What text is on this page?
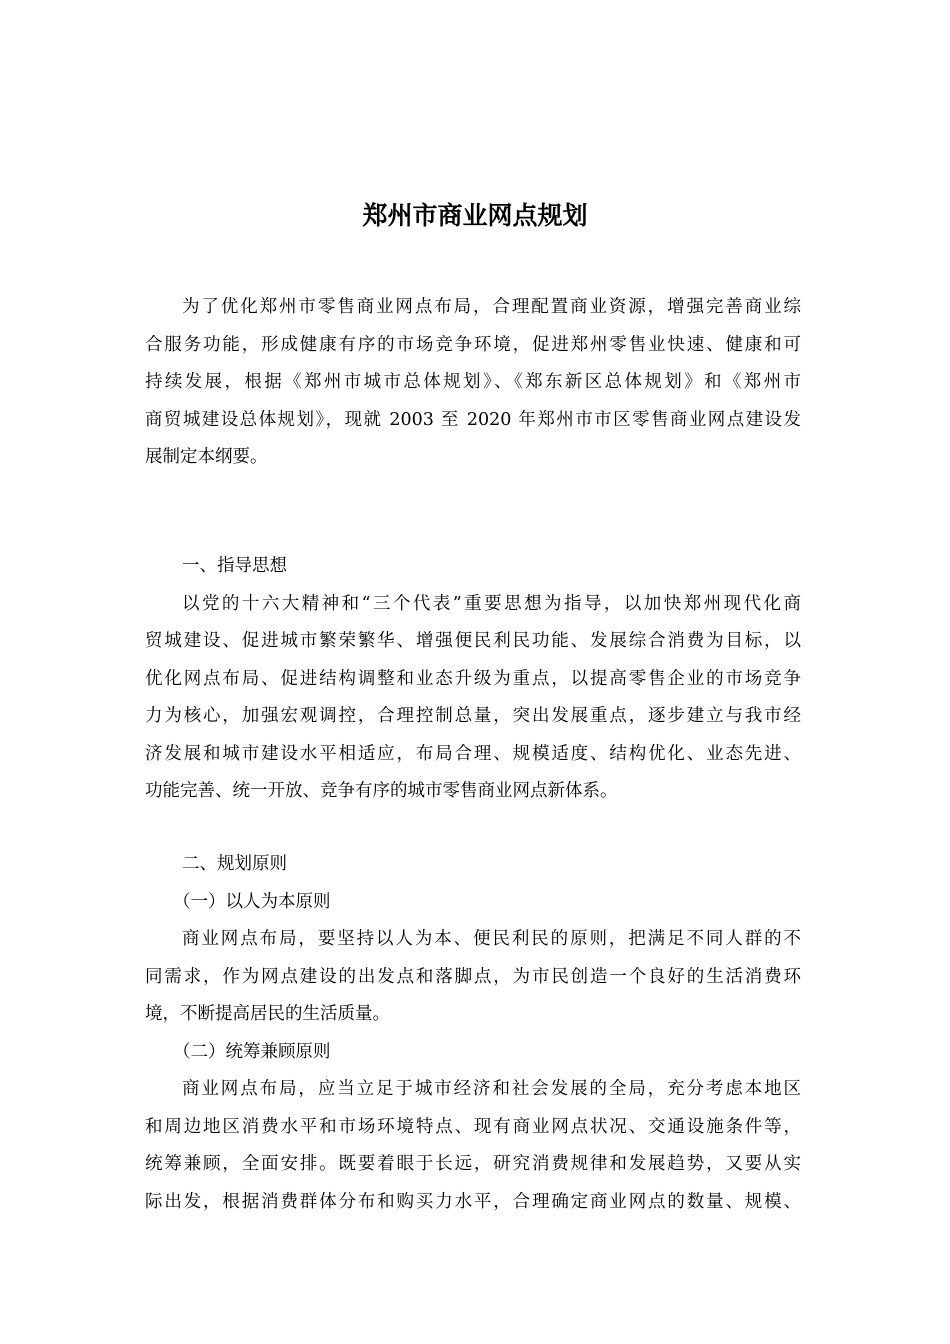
郑州市商业网点规划
为了优化郑州市零售商业网点布局，合理配置商业资源，增强完善商业综
合服务功能，形成健康有序的市场竞争环境，促进郑州零售业快速、健康和可
持续发展，根据《郑州市城市总体规划》、《郑东新区总体规划》和《郑州市
商贸城建设总体规划》，现就 2003 至 2020 年郑州市市区零售商业网点建设发
展制定本纲要。
一、指导思想
以党的十六大精神和“三个代表”重要思想为指导，以加快郑州现代化商
贸城建设、促进城市繁荣繁华、增强便民利民功能、发展综合消费为目标，以
优化网点布局、促进结构调整和业态升级为重点，以提高零售企业的市场竞争
力为核心，加强宏观调控，合理控制总量，突出发展重点，逐步建立与我市经
济发展和城市建设水平相适应，布局合理、规模适度、结构优化、业态先进、
功能完善、统一开放、竞争有序的城市零售商业网点新体系。
二、规划原则
（一）以人为本原则
商业网点布局，要坚持以人为本、便民利民的原则，把满足不同人群的不
同需求，作为网点建设的出发点和落脚点，为市民创造一个良好的生活消费环
境，不断提高居民的生活质量。
（二）统筹兼顾原则
商业网点布局，应当立足于城市经济和社会发展的全局，充分考虑本地区
和周边地区消费水平和市场环境特点、现有商业网点状况、交通设施条件等，
统筹兼顾，全面安排。既要着眼于长远，研究消费规律和发展趋势，又要从实
际出发，根据消费群体分布和购买力水平，合理确定商业网点的数量、规模、
